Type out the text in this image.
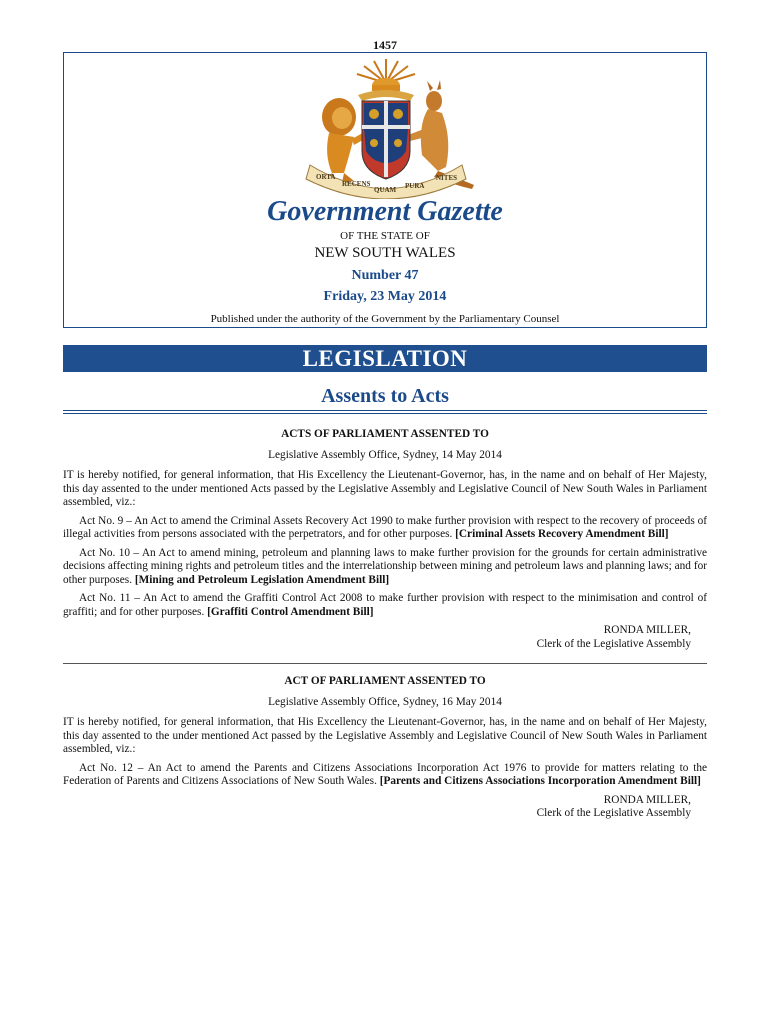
1457
ORTA
RECENS
QUAM PURA
NITES
Government Gazette
OF THE STATE OF
NEW SOUTH WALES
Number 47
Friday, 23 May 2014
Published under the authority of the Government by the Parliamentary Counsel
LEGISLATION
Assents to Acts

ACTS OF PARLIAMENT ASSENTED TO

Legislative Assembly Office, Sydney, 14 May 2014

IT is hereby notified, for general information, that His Excellency the Lieutenant-Governor, has, in the name and on behalf of Her Majesty, this day assented to the under mentioned Acts passed by the Legislative Assembly and Legislative Council of New South Wales in Parliament assembled, viz.:

Act No. 9 – An Act to amend the Criminal Assets Recovery Act 1990 to make further provision with respect to the recovery of proceeds of illegal activities from persons associated with the perpetrators, and for other purposes. [Criminal Assets Recovery Amendment Bill]

Act No. 10 – An Act to amend mining, petroleum and planning laws to make further provision for the grounds for certain administrative decisions affecting mining rights and petroleum titles and the interrelationship between mining and petroleum laws and planning laws; and for other purposes. [Mining and Petroleum Legislation Amendment Bill]

Act No. 11 – An Act to amend the Graffiti Control Act 2008 to make further provision with respect to the minimisation and control of graffiti; and for other purposes. [Graffiti Control Amendment Bill]

RONDA MILLER,

Clerk of the Legislative Assembly

ACT OF PARLIAMENT ASSENTED TO

Legislative Assembly Office, Sydney, 16 May 2014

IT is hereby notified, for general information, that His Excellency the Lieutenant-Governor, has, in the name and on behalf of Her Majesty, this day assented to the under mentioned Act passed by the Legislative Assembly and Legislative Council of New South Wales in Parliament assembled, viz.:

Act No. 12 – An Act to amend the Parents and Citizens Associations Incorporation Act 1976 to provide for matters relating to the Federation of Parents and Citizens Associations of New South Wales. [Parents and Citizens Associations Incorporation Amendment Bill]

RONDA MILLER,

Clerk of the Legislative Assembly
